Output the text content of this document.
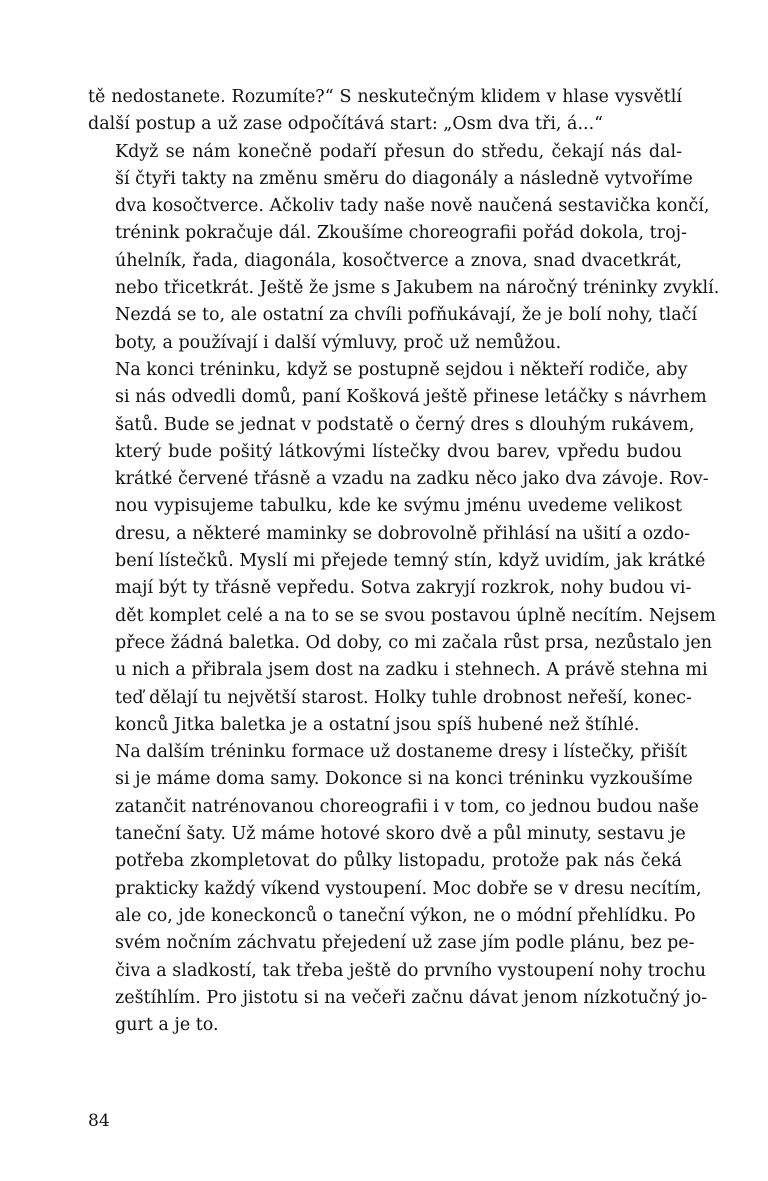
tě nedostanete. Rozumíte?“ S neskutečným klidem v hlase vysvětlí
další postup a už zase odpočítává start: „Osm dva tři, á...“

Když se nám konečně podaří přesun do středu, čekají nás dal-
ší čtyři takty na změnu směru do diagonály a následně vytvoříme
dva kosočtverce. Ačkoliv tady naše nově naučená sestavička končí,
trénink pokračuje dál. Zkoušíme choreografii pořád dokola, troj-
úhelník, řada, diagonála, kosočtverce a znova, snad dvacetkrát,
nebo třicetkrát. Ještě že jsme s Jakubem na náročný tréninky zvyklí.
Nezdá se to, ale ostatní za chvíli pofňukávají, že je bolí nohy, tlačí
boty, a používají i další výmluvy, proč už nemůžou.

Na konci tréninku, když se postupně sejdou i někteří rodiče, aby
si nás odvedli domů, paní Košková ještě přinese letáčky s návrhem
šatů. Bude se jednat v podstatě o černý dres s dlouhým rukávem,
který bude pošitý látkovými lístečky dvou barev, vpředu budou
krátké červené třásně a vzadu na zadku něco jako dva závoje. Rov-
nou vypisujeme tabulku, kde ke svýmu jménu uvedeme velikost
dresu, a některé maminky se dobrovolně přihlásí na ušití a ozdo-
bení lístečků. Myslí mi přejede temný stín, když uvidím, jak krátké
mají být ty třásně vepředu. Sotva zakryjí rozkrok, nohy budou vi-
dět komplet celé a na to se se svou postavou úplně necítím. Nejsem
přece žádná baletka. Od doby, co mi začala růst prsa, nezůstalo jen
u nich a přibrala jsem dost na zadku i stehnech. A právě stehna mi
teď dělají tu největší starost. Holky tuhle drobnost neřeší, konec-
konců Jitka baletka je a ostatní jsou spíš hubené než štíhlé.

Na dalším tréninku formace už dostaneme dresy i lístečky, přišít
si je máme doma samy. Dokonce si na konci tréninku vyzkoušíme
zatančit natrénovanou choreografii i v tom, co jednou budou naše
taneční šaty. Už máme hotové skoro dvě a půl minuty, sestavu je
potřeba zkompletovat do půlky listopadu, protože pak nás čeká
prakticky každý víkend vystoupení. Moc dobře se v dresu necítím,
ale co, jde koneckonců o taneční výkon, ne o módní přehlídku. Po
svém nočním záchvatu přejedení už zase jím podle plánu, bez pe-
čiva a sladkostí, tak třeba ještě do prvního vystoupení nohy trochu
zeštíhlím. Pro jistotu si na večeři začnu dávat jenom nízkotučný jo-
gurt a je to.

84
